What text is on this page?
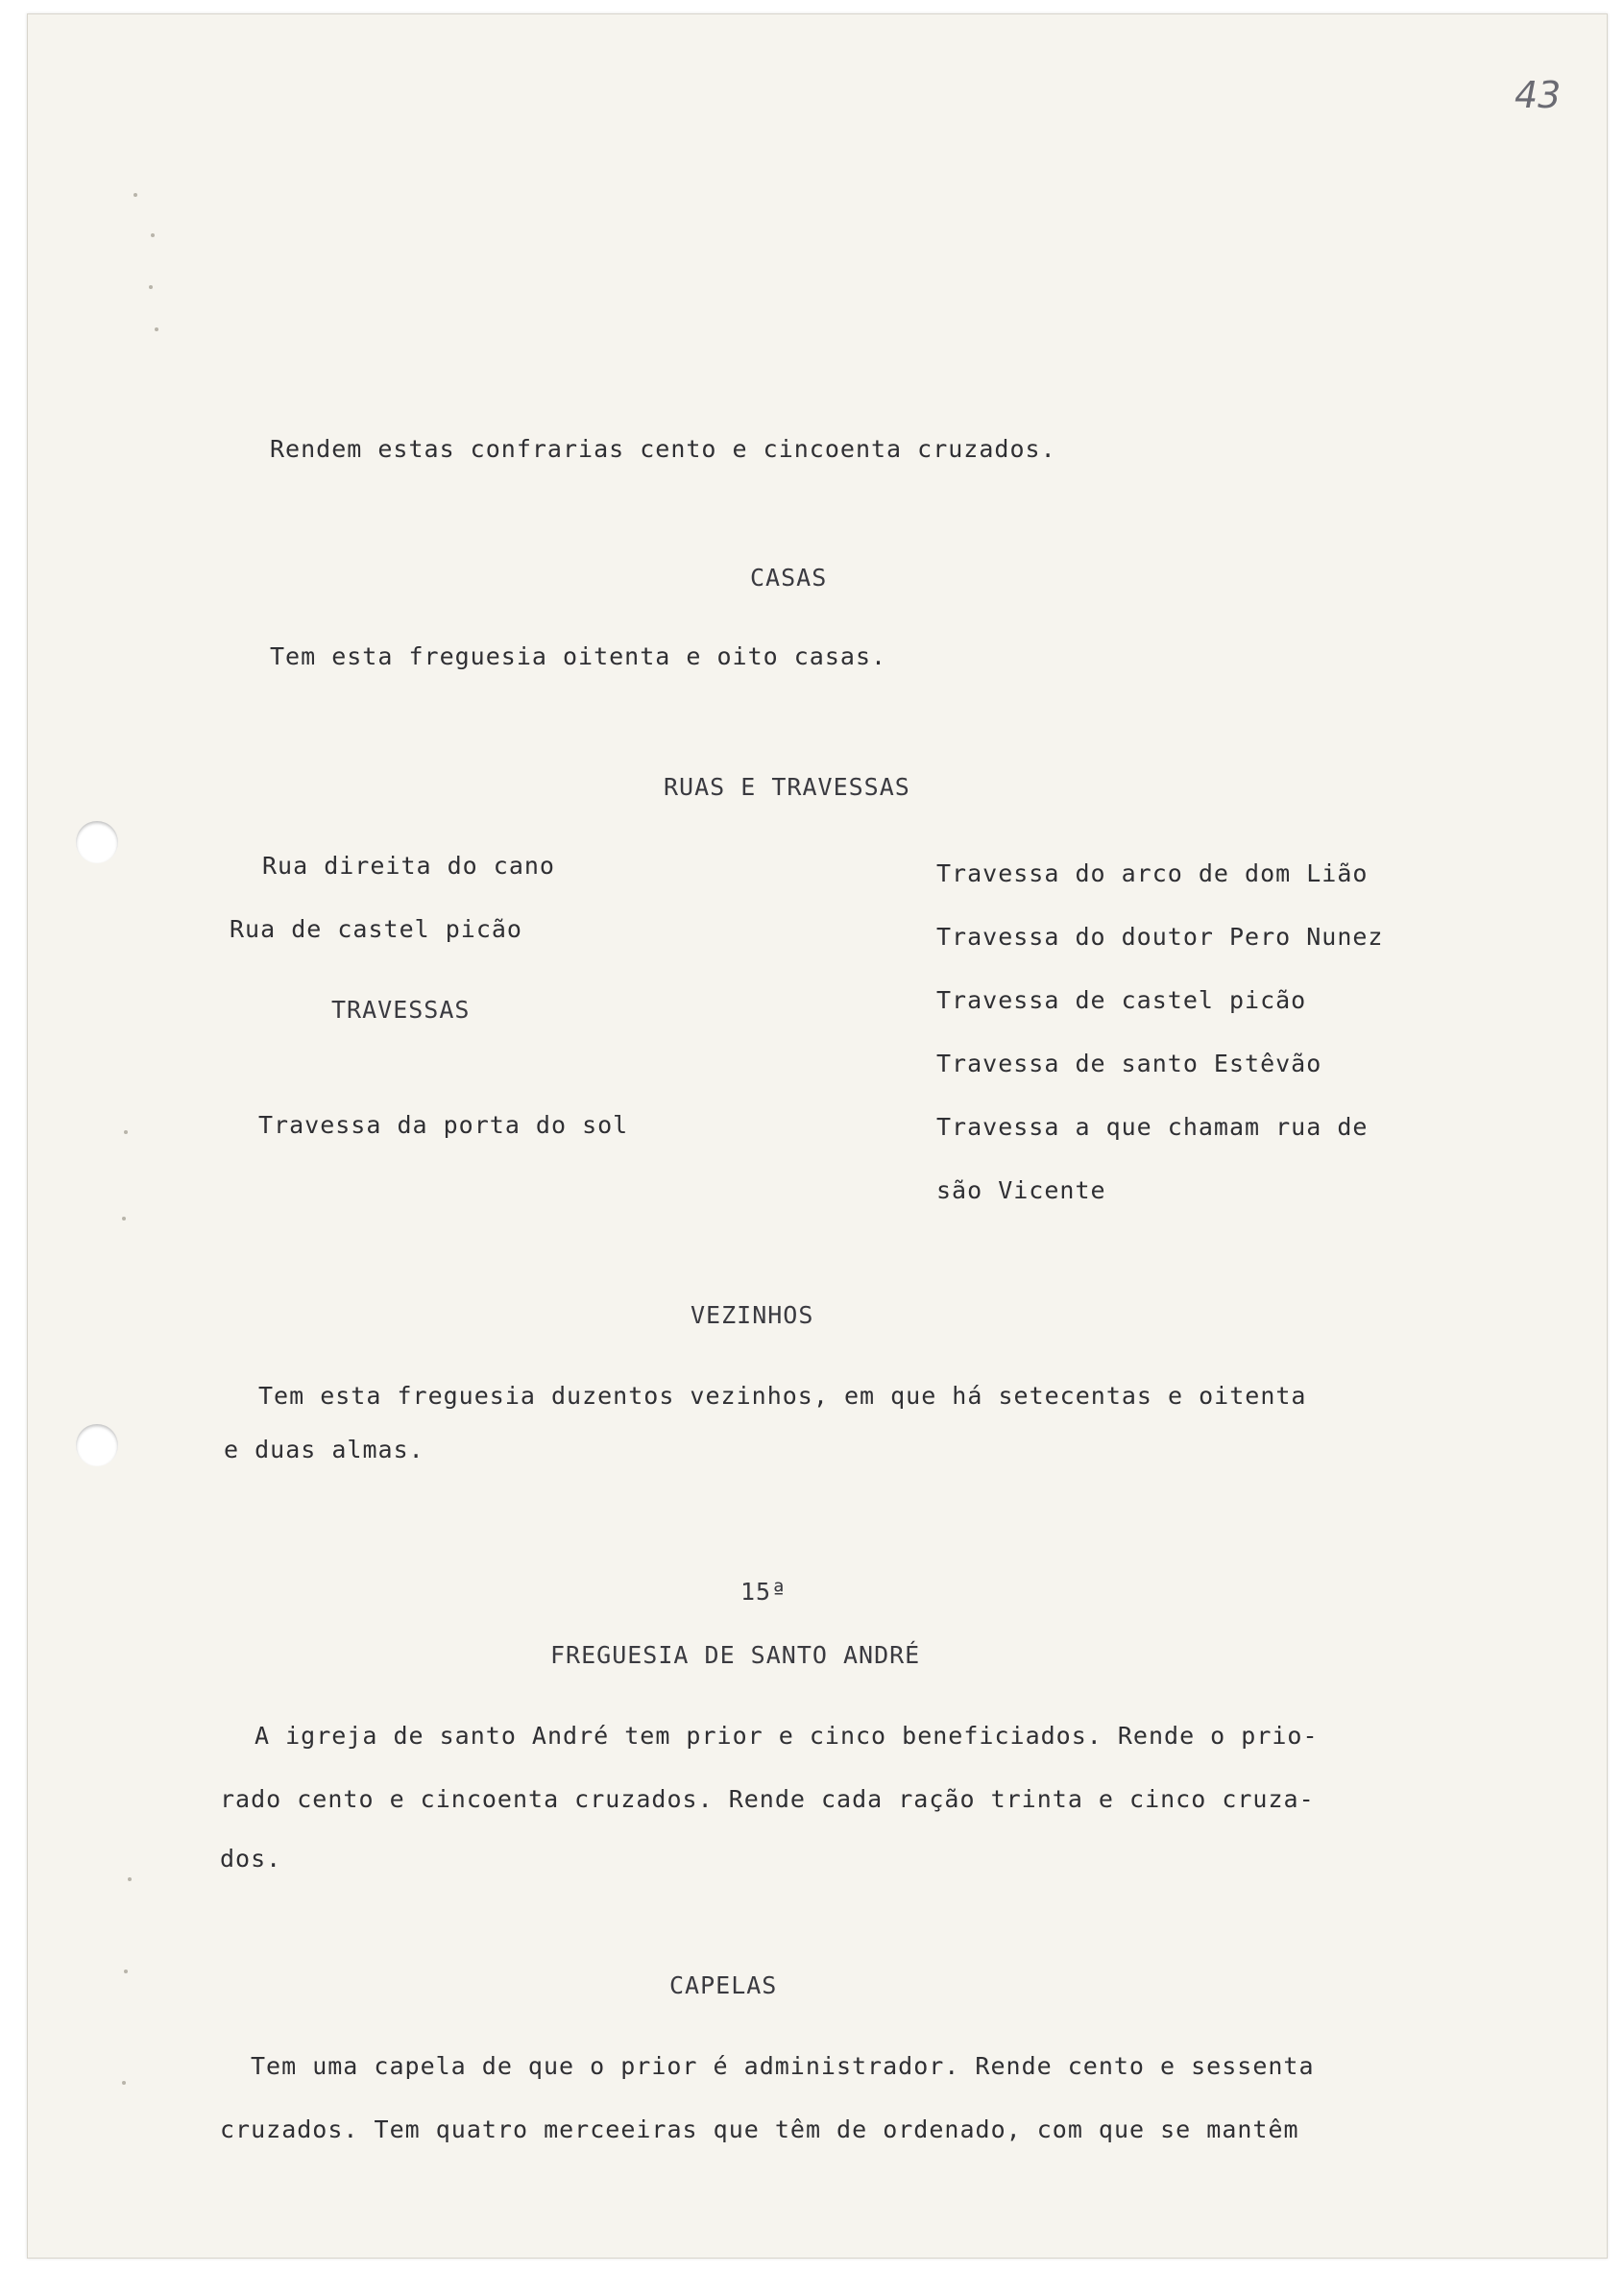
43
Rendem estas confrarias cento e cincoenta cruzados.
CASAS
Tem esta freguesia oitenta e oito casas.
RUAS E TRAVESSAS
Rua direita do cano
Rua de castel picão
TRAVESSAS
Travessa da porta do sol
Travessa do arco de dom Lião
Travessa do doutor Pero Nunez
Travessa de castel picão
Travessa de santo Estêvão
Travessa a que chamam rua de
são Vicente
VEZINHOS
Tem esta freguesia duzentos vezinhos, em que há setecentas e oitenta
e duas almas.
15ª
FREGUESIA DE SANTO ANDRÉ
A igreja de santo André tem prior e cinco beneficiados. Rende o prio-
rado cento e cincoenta cruzados. Rende cada ração trinta e cinco cruza-
dos.
CAPELAS
Tem uma capela de que o prior é administrador. Rende cento e sessenta
cruzados. Tem quatro merceeiras que têm de ordenado, com que se mantêm
